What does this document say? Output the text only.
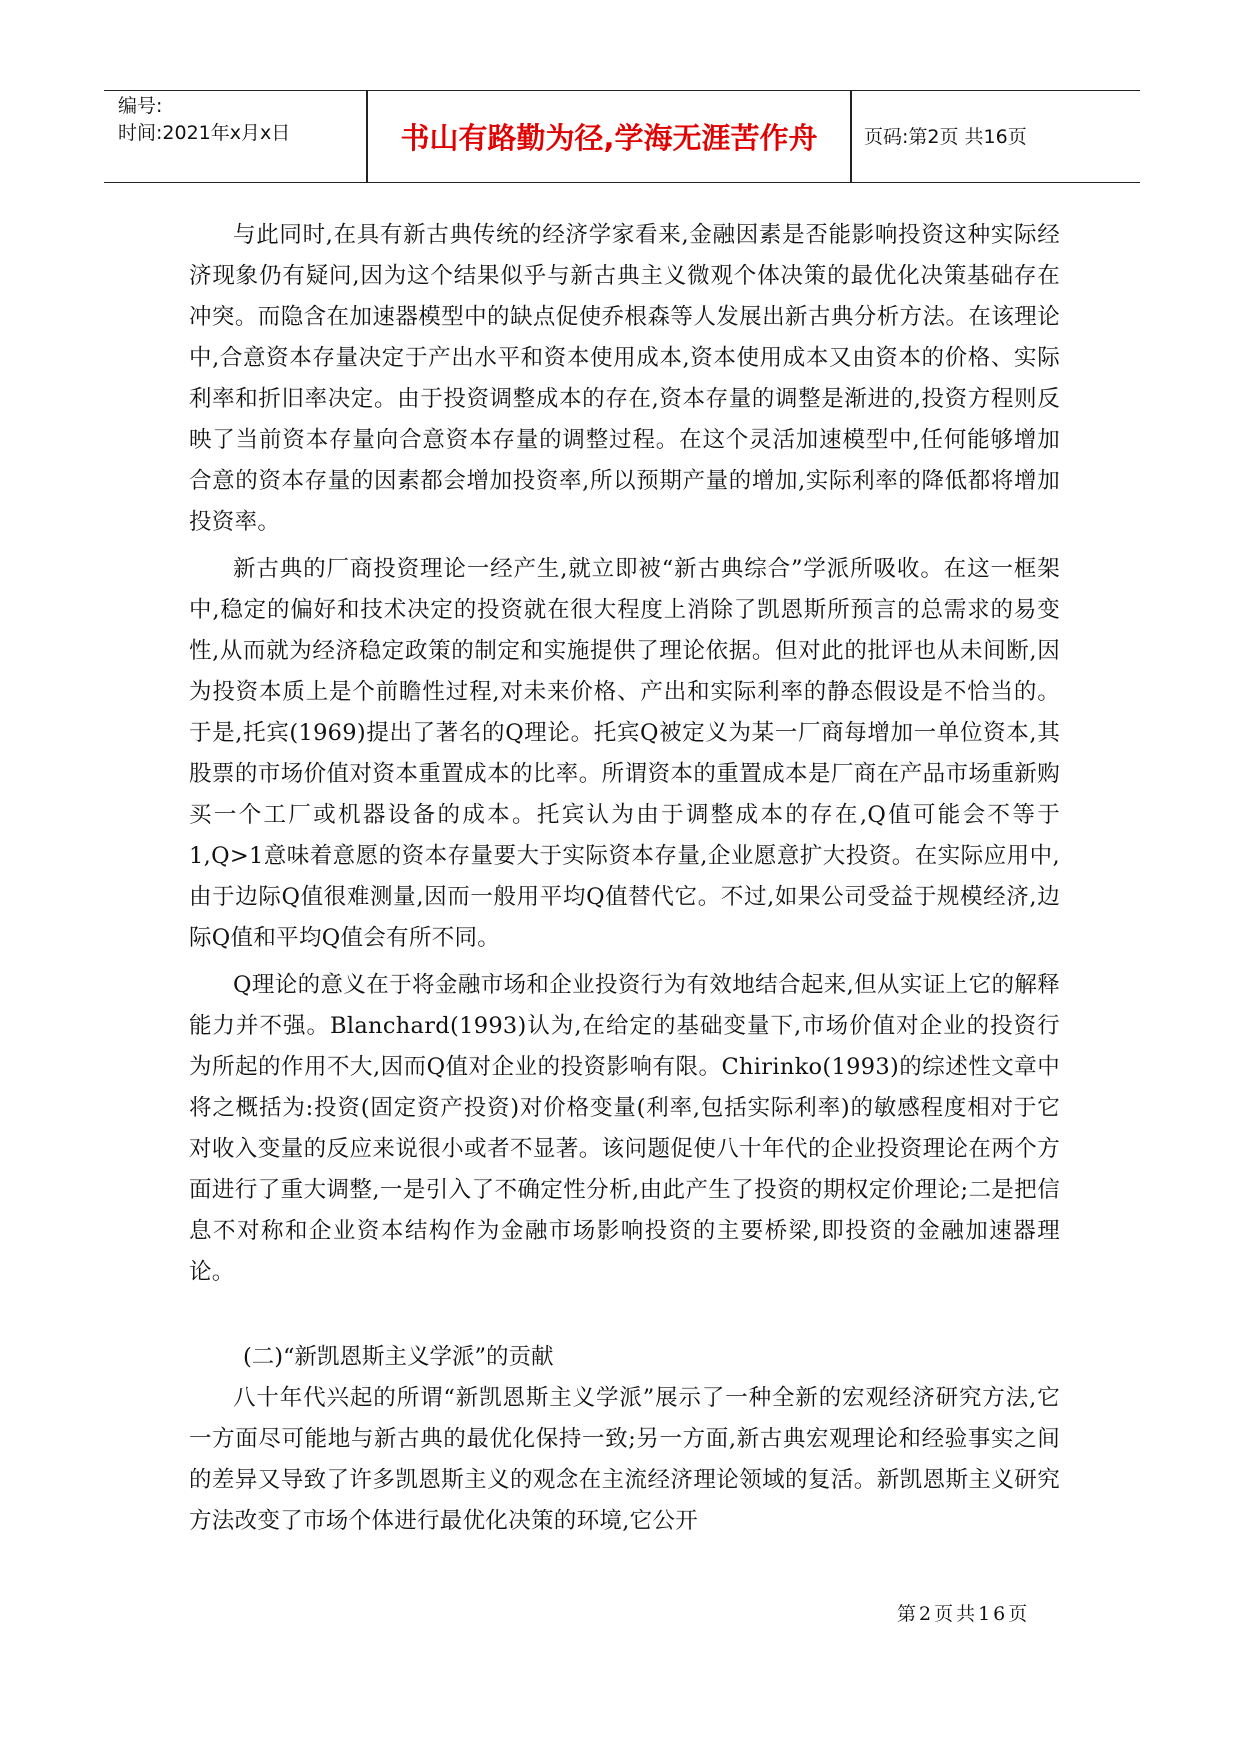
编号:
时间:2021年x月x日	书山有路勤为径,学海无涯苦作舟	页码:第2页 共16页

与此同时,在具有新古典传统的经济学家看来,金融因素是否能影响投资这种实际经济现象仍有疑问,因为这个结果似乎与新古典主义微观个体决策的最优化决策基础存在冲突。而隐含在加速器模型中的缺点促使乔根森等人发展出新古典分析方法。在该理论中,合意资本存量决定于产出水平和资本使用成本,资本使用成本又由资本的价格、实际利率和折旧率决定。由于投资调整成本的存在,资本存量的调整是渐进的,投资方程则反映了当前资本存量向合意资本存量的调整过程。在这个灵活加速模型中,任何能够增加合意的资本存量的因素都会增加投资率,所以预期产量的增加,实际利率的降低都将增加投资率。

新古典的厂商投资理论一经产生,就立即被“新古典综合”学派所吸收。在这一框架中,稳定的偏好和技术决定的投资就在很大程度上消除了凯恩斯所预言的总需求的易变性,从而就为经济稳定政策的制定和实施提供了理论依据。但对此的批评也从未间断,因为投资本质上是个前瞻性过程,对未来价格、产出和实际利率的静态假设是不恰当的。于是,托宾(1969)提出了著名的Q理论。托宾Q被定义为某一厂商每增加一单位资本,其股票的市场价值对资本重置成本的比率。所谓资本的重置成本是厂商在产品市场重新购买一个工厂或机器设备的成本。托宾认为由于调整成本的存在,Q值可能会不等于1,Q>1意味着意愿的资本存量要大于实际资本存量,企业愿意扩大投资。在实际应用中,由于边际Q值很难测量,因而一般用平均Q值替代它。不过,如果公司受益于规模经济,边际Q值和平均Q值会有所不同。

Q理论的意义在于将金融市场和企业投资行为有效地结合起来,但从实证上它的解释能力并不强。Blanchard(1993)认为,在给定的基础变量下,市场价值对企业的投资行为所起的作用不大,因而Q值对企业的投资影响有限。Chirinko(1993)的综述性文章中将之概括为:投资(固定资产投资)对价格变量(利率,包括实际利率)的敏感程度相对于它对收入变量的反应来说很小或者不显著。该问题促使八十年代的企业投资理论在两个方面进行了重大调整,一是引入了不确定性分析,由此产生了投资的期权定价理论;二是把信息不对称和企业资本结构作为金融市场影响投资的主要桥梁,即投资的金融加速器理论。

(二)“新凯恩斯主义学派”的贡献

八十年代兴起的所谓“新凯恩斯主义学派”展示了一种全新的宏观经济研究方法,它一方面尽可能地与新古典的最优化保持一致;另一方面,新古典宏观理论和经验事实之间的差异又导致了许多凯恩斯主义的观念在主流经济理论领域的复活。新凯恩斯主义研究方法改变了市场个体进行最优化决策的环境,它公开

第2页共16页
